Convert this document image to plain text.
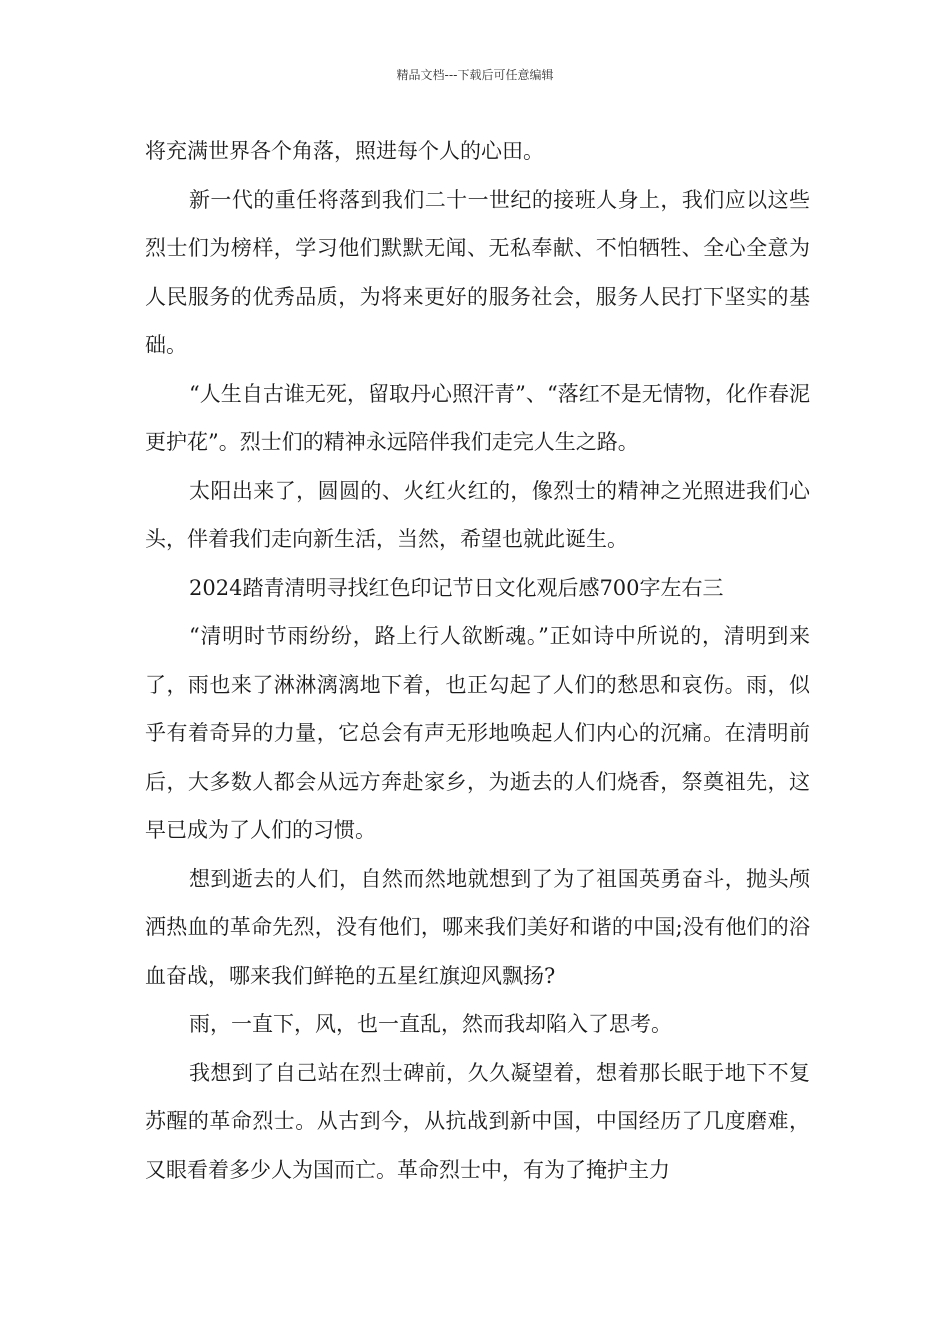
精品文档---下载后可任意编辑

将充满世界各个角落，照进每个人的心田。

新一代的重任将落到我们二十一世纪的接班人身上，我们应以这些烈士们为榜样，学习他们默默无闻、无私奉献、不怕牺牲、全心全意为人民服务的优秀品质，为将来更好的服务社会，服务人民打下坚实的基础。

“人生自古谁无死，留取丹心照汗青”、“落红不是无情物，化作春泥更护花”。烈士们的精神永远陪伴我们走完人生之路。

太阳出来了，圆圆的、火红火红的，像烈士的精神之光照进我们心头，伴着我们走向新生活，当然，希望也就此诞生。

2024踏青清明寻找红色印记节日文化观后感700字左右三

“清明时节雨纷纷，路上行人欲断魂。”正如诗中所说的，清明到来了，雨也来了淋淋漓漓地下着，也正勾起了人们的愁思和哀伤。雨，似乎有着奇异的力量，它总会有声无形地唤起人们内心的沉痛。在清明前后，大多数人都会从远方奔赴家乡，为逝去的人们烧香，祭奠祖先，这早已成为了人们的习惯。

想到逝去的人们，自然而然地就想到了为了祖国英勇奋斗，抛头颅洒热血的革命先烈，没有他们，哪来我们美好和谐的中国;没有他们的浴血奋战，哪来我们鲜艳的五星红旗迎风飘扬?

雨，一直下，风，也一直乱，然而我却陷入了思考。

我想到了自己站在烈士碑前，久久凝望着，想着那长眠于地下不复苏醒的革命烈士。从古到今，从抗战到新中国，中国经历了几度磨难，又眼看着多少人为国而亡。革命烈士中，有为了掩护主力
